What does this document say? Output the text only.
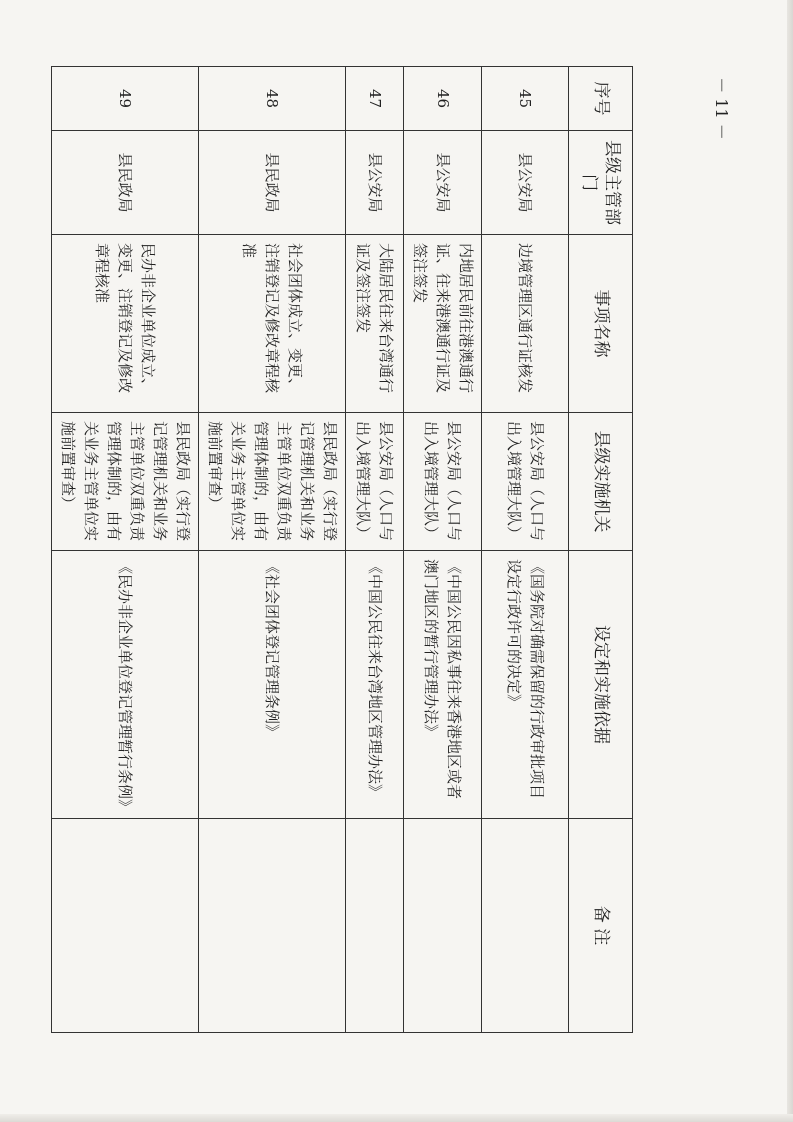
－ 11 －
序号	县级主管部门	事项名称	县级实施机关	设定和实施依据	备 注
45	县公安局	边境管理区通行证核发	县公安局（人口与出入境管理大队）	《国务院对确需保留的行政审批项目设定行政许可的决定》	
46	县公安局	内地居民前往港澳通行证、往来港澳通行证及签注签发	县公安局（人口与出入境管理大队）	《中国公民因私事往来香港地区或者澳门地区的暂行管理办法》	
47	县公安局	大陆居民往来台湾通行证及签注签发	县公安局（人口与出入境管理大队）	《中国公民往来台湾地区管理办法》	
48	县民政局	社会团体成立、变更、注销登记及修改章程核准	县民政局（实行登记管理机关和业务主管单位双重负责管理体制的，由有关业务主管单位实施前置审查）	《社会团体登记管理条例》	
49	县民政局	民办非企业单位成立、变更、注销登记及修改章程核准	县民政局（实行登记管理机关和业务主管单位双重负责管理体制的，由有关业务主管单位实施前置审查）	《民办非企业单位登记管理暂行条例》	
